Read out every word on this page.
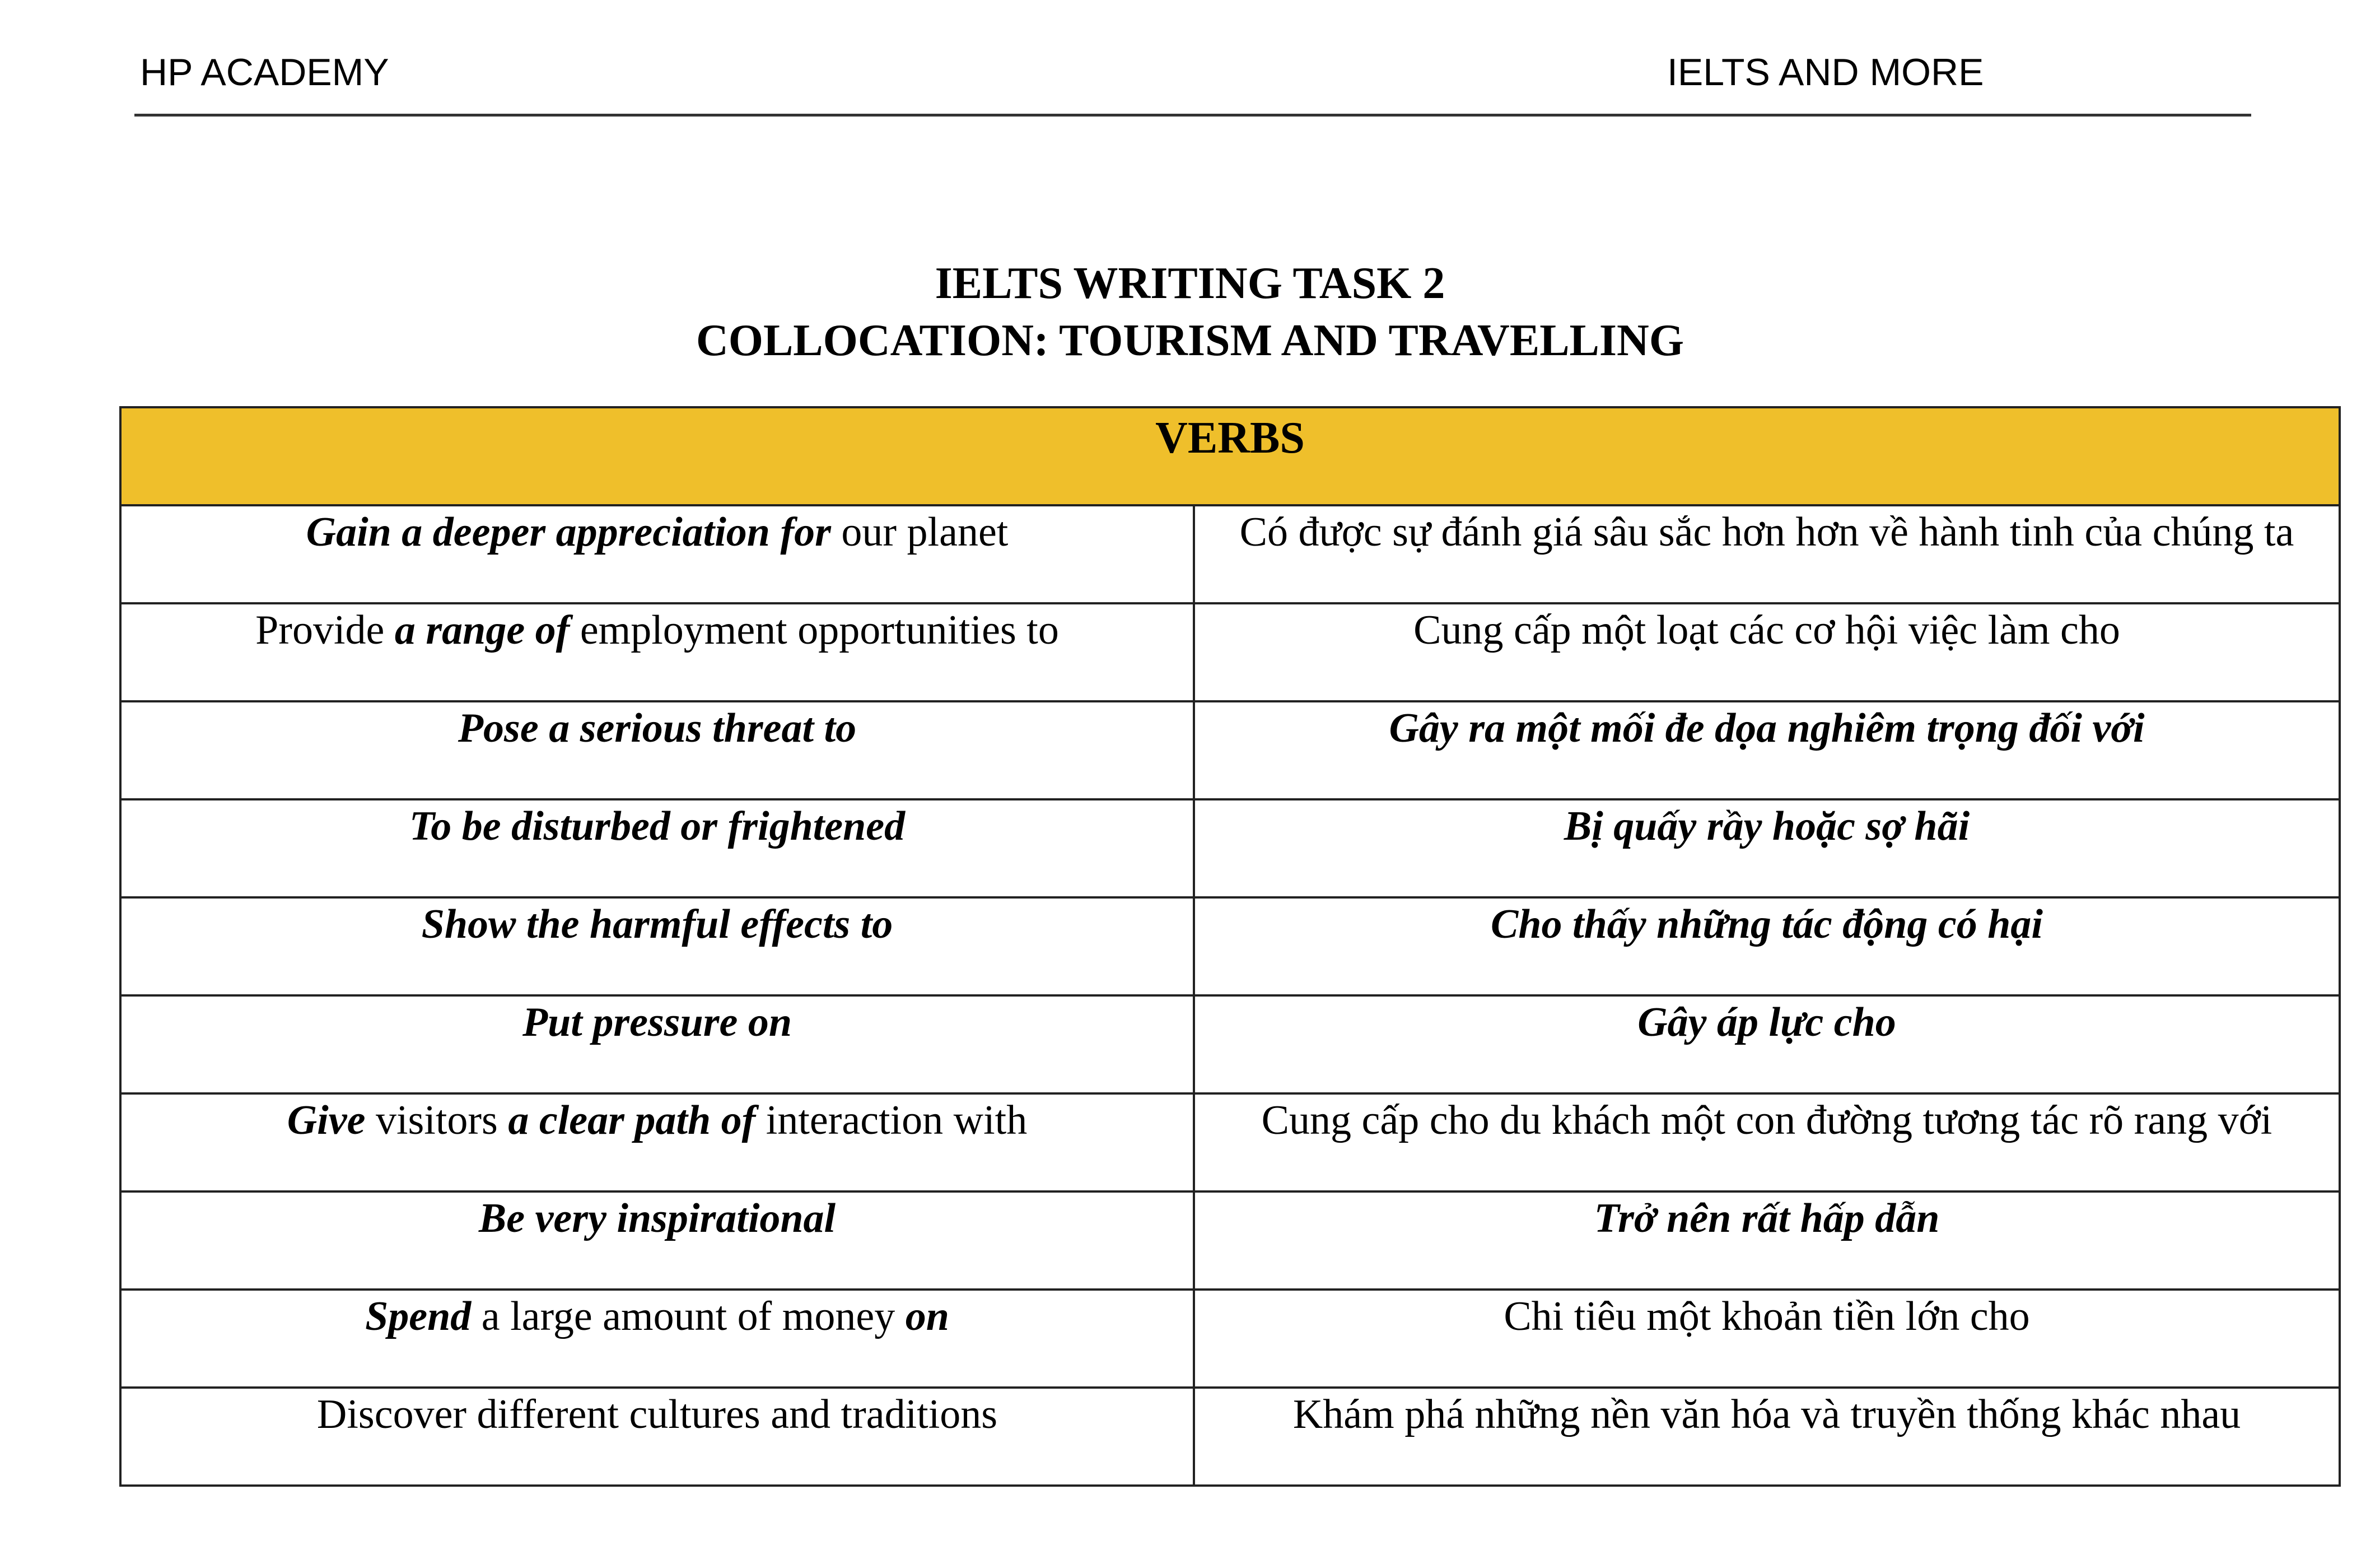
HP ACADEMY	IELTS AND MORE
IELTS WRITING TASK 2
COLLOCATION: TOURISM AND TRAVELLING
VERBS	
Gain a deeper appreciation for our planet	Có được sự đánh giá sâu sắc hơn hơn về hành tinh của chúng ta
Provide a range of employment opportunities to	Cung cấp một loạt các cơ hội việc làm cho
Pose a serious threat to	Gây ra một mối đe dọa nghiêm trọng đối với
To be disturbed or frightened	Bị quấy rầy hoặc sợ hãi
Show the harmful effects to	Cho thấy những tác động có hại
Put pressure on	Gây áp lực cho
Give visitors a clear path of interaction with	Cung cấp cho du khách một con đường tương tác rõ rang với
Be very inspirational	Trở nên rất hấp dẫn
Spend a large amount of money on	Chi tiêu một khoản tiền lớn cho
Discover different cultures and traditions	Khám phá những nền văn hóa và truyền thống khác nhau
